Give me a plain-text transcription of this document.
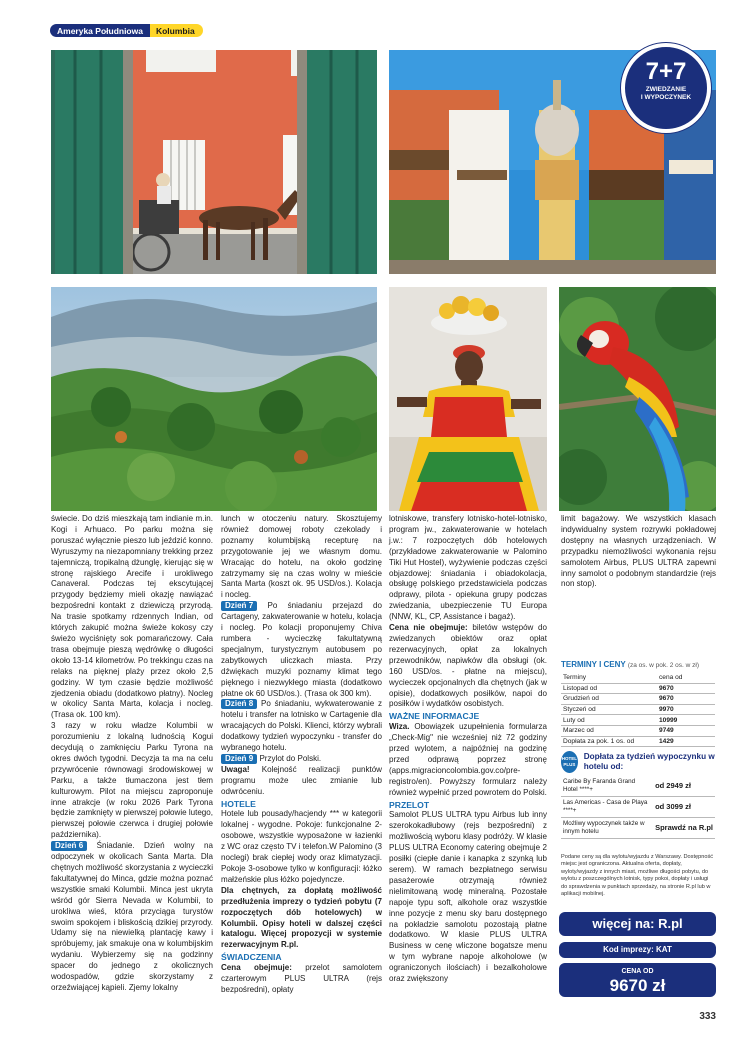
Ameryka Południowa	Kolumbia
7+7
ZWIEDZANIE
I WYPOCZYNEK

świecie. Do dziś mieszkają tam indianie m.in. Kogi i Arhuaco. Po parku można się poruszać wyłącznie pieszo lub jeździć konno. Wyruszymy na niezapomniany trekking przez tajemniczą, tropikalną dżunglę, kierując się w stronę rajskiego Arecife i urokliwego Canaveral. Podczas tej ekscytującej przygody będziemy mieli okazję nawiązać bezpośredni kontakt z dziewiczą przyrodą. Na trasie spotkamy rdzennych Indian, od których zakupić można świeże kokosy czy świeżo wyciśnięty sok pomarańczowy. Cała trasa obejmuje pieszą wędrówkę o długości około 13-14 kilometrów. Po trekkingu czas na relaks na pięknej plaży przez około 2,5 godziny. W tym czasie będzie możliwość zjedzenia obiadu (dodatkowo płatny). Nocleg w okolicy Santa Marta, kolacja i nocleg. (Trasa ok. 100 km).

3 razy w roku władze Kolumbii w porozumieniu z lokalną ludnością Kogui decydują o zamknięciu Parku Tyrona na okres dwóch tygodni. Decyzja ta ma na celu przywrócenie równowagi środowiskowej w Parku, a także tłumaczona jest tłem kulturowym. Pilot na miejscu zaproponuje inne atrakcje (w roku 2026 Park Tyrona będzie zamknięty w pierwszej połowie lutego, pierwszej połowie czerwca i drugiej połowie października).

Dzień 6 Śniadanie. Dzień wolny na odpoczynek w okolicach Santa Marta. Dla chętnych możliwość skorzystania z wycieczki fakultatywnej do Minca, gdzie można poznać wszystkie smaki Kolumbii. Minca jest ukryta wśród gór Sierra Nevada w Kolumbii, to urokliwa wieś, która przyciąga turystów swoim spokojem i bliskością dzikiej przyrody. Udamy się na niewielką plantację kawy i spróbujemy, jak smakuje ona w kolumbijskim wydaniu. Wybierzemy się na godzinny spacer do jednego z okolicznych wodospadów, gdzie skorzystamy z orzeźwiającej kąpieli. Zjemy lokalny

lunch w otoczeniu natury. Skosztujemy również domowej roboty czekolady i poznamy kolumbijską recepturę na przygotowanie jej we własnym domu. Wracając do hotelu, na około godzinę zatrzymamy się na czas wolny w mieście Santa Marta (koszt ok. 95 USD/os.). Kolacja i nocleg.

Dzień 7 Po śniadaniu przejazd do Cartageny, zakwaterowanie w hotelu, kolacja i nocleg. Po kolacji proponujemy Chiva rumbera - wycieczkę fakultatywną specjalnym, turystycznym autobusem po zabytkowych uliczkach miasta. Przy dźwiękach muzyki poznamy klimat tego pięknego i niezwykłego miasta (dodatkowo płatne ok 60 USD/os.). (Trasa ok 300 km).

Dzień 8 Po śniadaniu, wykwaterowanie z hotelu i transfer na lotnisko w Cartagenie dla wracających do Polski. Klienci, którzy wybrali dodatkowy tydzień wypoczynku - transfer do wybranego hotelu.

Dzień 9 Przylot do Polski.

Uwaga! Kolejność realizacji punktów programu może ulec zmianie lub odwróceniu.

HOTELE

Hotele lub pousady/hacjendy *** w kategorii lokalnej - wygodne. Pokoje: funkcjonalne 2-osobowe, wszystkie wyposażone w łazienki z WC oraz często TV i telefon.W Palomino (3 noclegi) brak ciepłej wody oraz klimatyzacji. Pokoje 3-osobowe tylko w konfiguracji: łóżko małżeńskie plus łóżko pojedyncze.

Dla chętnych, za dopłatą możliwość przedłużenia imprezy o tydzień pobytu (7 rozpoczętych dób hotelowych) w Kolumbii. Opisy hoteli w dalszej części katalogu. Więcej propozycji w systemie rezerwacyjnym R.pl.

ŚWIADCZENIA

Cena obejmuje: przelot samolotem czarterowym PLUS ULTRA (rejs bezpośredni), opłaty

lotniskowe, transfery lotnisko-hotel-lotnisko, program jw., zakwaterowanie w hotelach j.w.: 7 rozpoczętych dób hotelowych (przykładowe zakwaterowanie w Palomino Tiki Hut Hostel), wyżywienie podczas części objazdowej: śniadania i obiadokolacja, obsługę polskiego przedstawiciela podczas odprawy, pilota - opiekuna grupy podczas zwiedzania, ubezpieczenie TU Europa (NNW, KL, CP, Assistance i bagaż).

Cena nie obejmuje: biletów wstępów do zwiedzanych obiektów oraz opłat rezerwacyjnych, opłat za lokalnych przewodników, napiwków dla obsługi (ok. 160 USD/os. - płatne na miejscu), wycieczek opcjonalnych dla chętnych (jak w opisie), dodatkowych posiłków, napoi do posiłków i wydatków osobistych.

WAŻNE INFORMACJE

Wiza. Obowiązek uzupełnienia formularza „Check-Mig" nie wcześniej niż 72 godziny przed wylotem, a najpóźniej na godzinę przed odprawą poprzez stronę (apps.migracioncolombia.gov.co/pre-registro/en). Powyższy formularz należy również wypełnić przed powrotem do Polski.

PRZELOT

Samolot PLUS ULTRA typu Airbus lub inny szerokokadłubowy (rejs bezpośredni) z możliwością wyboru klasy podróży. W klasie PLUS ULTRA Economy catering obejmuje 2 posiłki (ciepłe danie i kanapka z szynką lub serem). W ramach bezpłatnego serwisu pasażerowie otrzymają również nielimitowaną wodę mineralną. Pozostałe napoje typu soft, alkohole oraz wszystkie inne pozycje z menu sky baru dostępnego na pokładzie samolotu pozostają płatne dodatkowo. W klasie PLUS ULTRA Business w cenę wliczone bogatsze menu w tym wybrane napoje alkoholowe (w ograniczonych ilościach) i bezalkoholowe oraz zwiększony

limit bagażowy. We wszystkich klasach indywidualny system rozrywki pokładowej dostępny na własnych urządzeniach. W przypadku niemożliwości wykonania rejsu samolotem Airbus, PLUS ULTRA zapewni inny samolot o podobnym standardzie (rejs non stop).

TERMINY I CENY (za os. w pok. 2 os. w zł)
Terminy	cena od
Listopad od	9670
Grudzień od	9670
Styczeń od	9970
Luty od	10999
Marzec od	9749
Dopłata za pok. 1 os. od	1429
HOTEL
PLUS
Dopłata za tydzień wypoczynku w hotelu od:
Caribe By Faranda Grand Hotel ****+	od 2949 zł
Las Americas - Casa de Playa ****+	od 3099 zł
Możliwy wypoczynek także w innym hotelu	Sprawdź na R.pl
Podane ceny są dla wylotu/wyjazdu z Warszawy. Dostępność miejsc jest ograniczona. Aktualna oferta, dopłaty, wyloty/wyjazdy z innych miast, możliwe długości pobytu, do wylotu z poszczególnych lotnisk, typy pokoi, dopłaty i usługi do sprawdzenia w punktach sprzedaży, na stronie R.pl lub w aplikacji mobilnej.
więcej na: R.pl
Kod imprezy: KAT
CENA OD
9670 zł
333
